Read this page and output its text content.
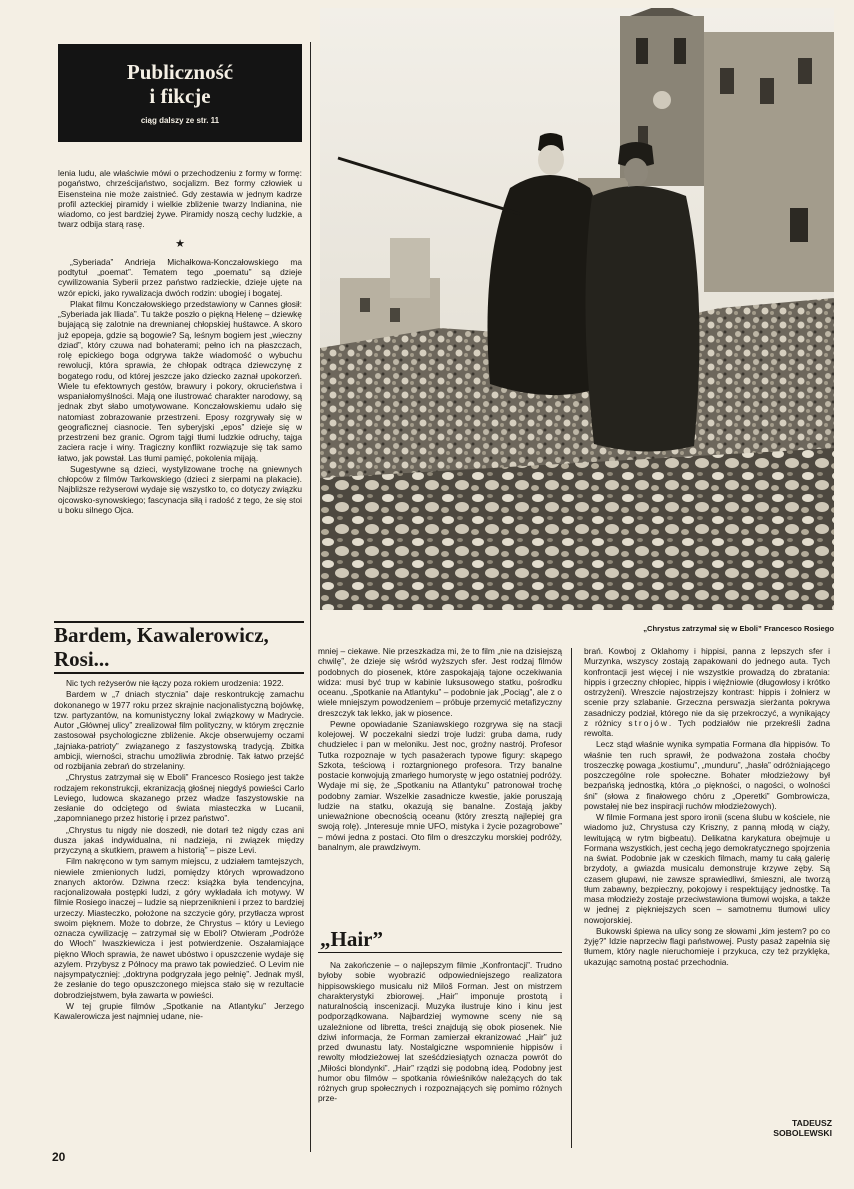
Publiczność
i fikcje
ciąg dalszy ze str. 11

lenia ludu, ale właściwie mówi o przechodzeniu z formy w formę: pogaństwo, chrześcijaństwo, socjalizm. Bez formy człowiek u Eisensteina nie może zaistnieć. Gdy zestawia w jednym kadrze profil azteckiej piramidy i wielkie zbliżenie twarzy Indianina, nie wiadomo, co jest bardziej żywe. Piramidy noszą cechy ludzkie, a twarz odbija starą rasę.

★

„Syberiada” Andrieja Michałkowa-Konczałowskiego ma podtytuł „poemat”. Tematem tego „poematu” są dzieje cywilizowania Syberii przez państwo radzieckie, dzieje ujęte na wzór epicki, jako rywalizacja dwóch rodzin: ubogiej i bogatej.

Plakat filmu Konczałowskiego przedstawiony w Cannes głosił: „Syberiada jak Iliada”. Tu także poszło o piękną Helenę – dziewkę bujającą się zalotnie na drewnianej chłopskiej huśtawce. A skoro już epopeja, gdzie są bogowie? Są, leśnym bogiem jest „wieczny dziad”, który czuwa nad bohaterami; pełno ich na płaszczach, rolę epickiego boga odgrywa także wiadomość o wybuchu rewolucji, która sprawia, że chłopak odtrąca dziewczynę z bogatego rodu, od której jeszcze jako dziecko zaznał upokorzeń. Wiele tu efektownych gestów, brawury i pokory, okrucieństwa i wspaniałomyślności. Mają one ilustrować charakter narodowy, są jednak zbyt słabo umotywowane. Konczałowskiemu udało się natomiast zobrazowanie przestrzeni. Eposy rozgrywały się w geograficznej ciasnocie. Ten syberyjski „epos” dzieje się w przestrzeni bez granic. Ogrom tajgi tłumi ludzkie odruchy, tajga zaciera racje i winy. Tragiczny konflikt rozwiązuje się tak samo łatwo, jak powstał. Las tłumi pamięć, pokolenia mijają.

Sugestywne są dzieci, wystylizowane trochę na gniewnych chłopców z filmów Tarkowskiego (dzieci z sierpami na plakacie). Najbliższe reżyserowi wydaje się wszystko to, co dotyczy związku ojcowsko-synowskiego; fascynacja siłą i radość z tego, że się stoi u boku silnego Ojca.

Bardem, Kawalerowicz,
Rosi...

Nic tych reżyserów nie łączy poza rokiem urodzenia: 1922.

Bardem w „7 dniach stycznia” daje reskontrukcję zamachu dokonanego w 1977 roku przez skrajnie nacjonalistyczną bojówkę, tzw. partyzantów, na komunistyczny lokal związkowy w Madrycie. Autor „Głównej ulicy” zrealizował film polityczny, w którym zręcznie zastosował psychologiczne zbliżenie. Akcje obserwujemy oczami „tajniaka-patrioty” związanego z faszystowską tradycją. Zbitka ambicji, wierności, strachu umożliwia zbrodnię. Tak łatwo przejść od rozbijania zebrań do strzelaniny.

„Chrystus zatrzymał się w Eboli” Francesco Rosiego jest także rodzajem rekonstrukcji, ekranizacją głośnej niegdyś powieści Carlo Leviego, ludowca skazanego przez władze faszystowskie na zesłanie do odciętego od świata miasteczka w Lucanii, „zapomnianego przez historię i przez państwo”.

„Chrystus tu nigdy nie doszedł, nie dotarł też nigdy czas ani dusza jakaś indywidualna, ni nadzieja, ni związek między przyczyną a skutkiem, prawem a historią” – pisze Levi.

Film nakręcono w tym samym miejscu, z udziałem tamtejszych, niewiele zmienionych ludzi, pomiędzy których wprowadzono znanych aktorów. Dziwna rzecz: książka była tendencyjna, racjonalizowała postępki ludzi, z góry wykładała ich motywy. W filmie Rosiego inaczej – ludzie są nieprzeniknieni i przez to bardziej urzeczy. Miasteczko, położone na szczycie góry, przytłacza wprost swoim pięknem. Może to dobrze, że Chrystus – który u Leviego oznacza cywilizację – zatrzymał się w Eboli? Otwieram „Podróże do Włoch” Iwaszkiewicza i jest potwierdzenie. Oszałamiające piękno Włoch sprawia, że nawet ubóstwo i opuszczenie wydaje się azylem. Przybysz z Północy ma prawo tak powiedzieć. O Levim nie najsympatyczniej: „doktryna podgryzała jego pełnię”. Jednak myśl, że zesłanie do tego opuszczonego miejsca stało się w rezultacie dobrodziejstwem, była zawarta w powieści.

W tej grupie filmów „Spotkanie na Atlantyku” Jerzego Kawalerowicza jest najmniej udane, nie-

„Chrystus zatrzymał się w Eboli” Francesco Rosiego

mniej – ciekawe. Nie przeszkadza mi, że to film „nie na dzisiejszą chwilę”, że dzieje się wśród wyższych sfer. Jest rodzaj filmów podobnych do piosenek, które zaspokajają tajone oczekiwania widza: musi być trup w kabinie luksusowego statku, pośrodku oceanu. „Spotkanie na Atlantyku” – podobnie jak „Pociąg”, ale z o wiele mniejszym powodzeniem – próbuje przemycić metafizyczny dreszczyk tak lekko, jak w piosence.

Pewne opowiadanie Szaniawskiego rozgrywa się na stacji kolejowej. W poczekalni siedzi troje ludzi: gruba dama, rudy chudzielec i pan w meloniku. Jest noc, groźny nastrój. Profesor Tutka rozpoznaje w tych pasażerach typowe figury: skąpego Szkota, teściową i roztargnionego profesora. Trzy banalne postacie konwojują zmarłego humorystę w jego ostatniej podróży. Wydaje mi się, że „Spotkaniu na Atlantyku” patronował trochę podobny zamiar. Wszelkie zasadnicze kwestie, jakie poruszają ludzie na statku, okazują się banalne. Zostają jakby unieważnione obecnością oceanu (który zresztą najlepiej gra swoją rolę). „Interesuje mnie UFO, mistyka i życie pozagrobowe” – mówi jedna z postaci. Oto film o dreszczyku morskiej podróży, banalnym, ale prawdziwym.

„Hair”

Na zakończenie – o najlepszym filmie „Konfrontacji”. Trudno byłoby sobie wyobrazić odpowiedniejszego realizatora hippisowskiego musicalu niż Miloš Forman. Jest on mistrzem charakterystyki zbiorowej. „Hair” imponuje prostotą i naturalnością inscenizacji. Muzyka ilustruje kino i kinu jest podporządkowana. Najbardziej wymowne sceny nie są uzależnione od libretta, treści znajdują się obok piosenek. Nie dziwi informacja, że Forman zamierzał ekranizować „Hair” już przed dwunastu laty. Nostalgiczne wspomnienie hippisów i rewolty młodzieżowej lat sześćdziesiątych oznacza powrót do „Miłości blondynki”. „Hair” rządzi się podobną ideą. Podobny jest humor obu filmów – spotkania rówieśników należących do tak różnych grup społecznych i rozpoznających się pomimo różnych prze-

brań. Kowboj z Oklahomy i hippisi, panna z lepszych sfer i Murzynka, wszyscy zostają zapakowani do jednego auta. Tych konfrontacji jest więcej i nie wszystkie prowadzą do zbratania: hippis i grzeczny chłopiec, hippis i więźniowie (długowłosy i krótko ostrzyżeni). Wreszcie najostrzejszy kontrast: hippis i żołnierz w scenie przy szlabanie. Grzeczna perswazja sierżanta pokrywa zasadniczy podział, którego nie da się przekroczyć, a wynikający z różnicy strojów. Tych podziałów nie przekreśli żadna rewolta.

Lecz stąd właśnie wynika sympatia Formana dla hippisów. To właśnie ten ruch sprawił, że podważona została choćby troszeczkę powaga „kostiumu”, „munduru”, „hasła” odróżniającego poszczególne role społeczne. Bohater młodzieżowy był bezpańską jednostką, która „o piękności, o nagości, o wolności śni” (słowa z finałowego chóru z „Operetki” Gombrowicza, powstałej nie bez inspiracji ruchów młodzieżowych).

W filmie Formana jest sporo ironii (scena ślubu w kościele, nie wiadomo już, Chrystusa czy Kriszny, z panną młodą w ciąży, lewitującą w rytm bigbeatu). Delikatna karykatura obejmuje u Formana wszystkich, jest cechą jego demokratycznego spojrzenia na świat. Podobnie jak w czeskich filmach, mamy tu całą galerię brzydoty, a gwiazda musicalu demonstruje krzywe zęby. Są czasem głupawi, nie zawsze sprawiedliwi, śmieszni, ale tworzą tłum zabawny, bezpieczny, pokojowy i respektujący jednostkę. Ta masa młodzieży zostaje przeciwstawiona tłumowi wojska, a także w jednej z piękniejszych scen – samotnemu tłumowi ulicy nowojorskiej.

Bukowski śpiewa na ulicy song ze słowami „kim jestem? po co żyję?” Idzie naprzeciw flagi państwowej. Pusty pasaż zapełnia się tłumem, który nagle nieruchomieje i przykuca, czy też przyklęka, ukazując samotną postać przechodnia.

TADEUSZ
SOBOLEWSKI
20
